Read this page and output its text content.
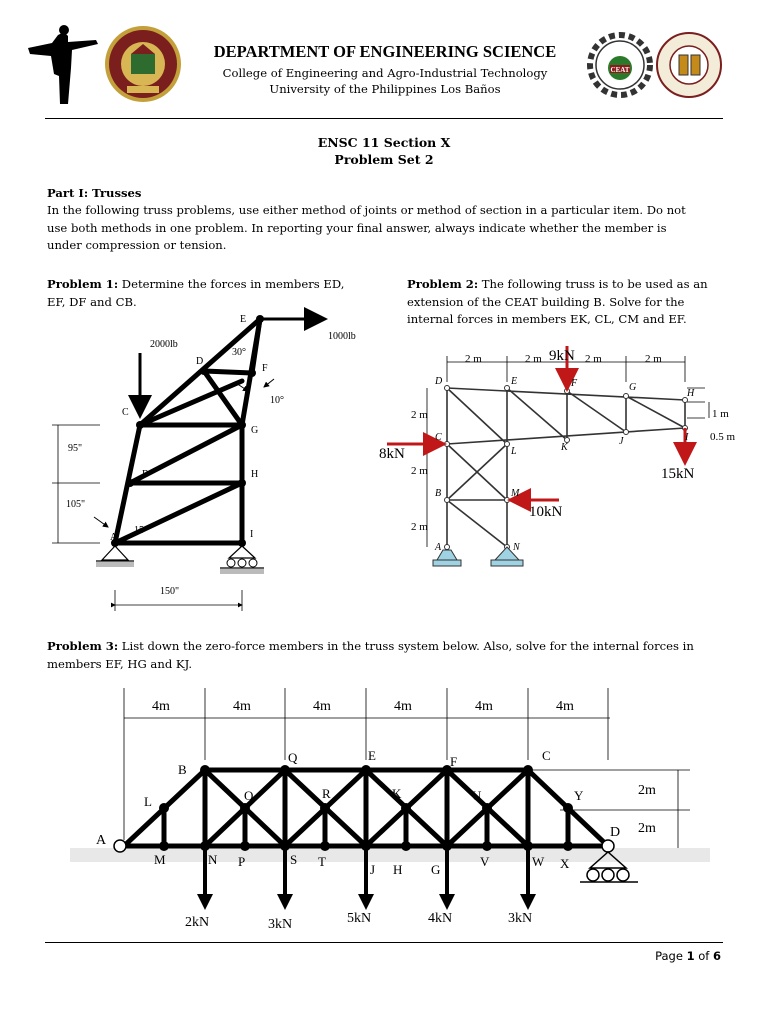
CEAT
DEPARTMENT OF ENGINEERING SCIENCE
College of Engineering and Agro-Industrial Technology
University of the Philippines Los Baños
ENSC 11 Section X
Problem Set 2
Part I: Trusses
In the following truss problems, use either method of joints or method of section in a particular item. Do not
use both methods in one problem. In reporting your final answer, always indicate whether the member is
under compression or tension.
Problem 1: Determine the forces in members ED,
EF, DF and CB.
Problem 2: The following truss is to be used as an
extension of the CEAT building B. Solve for the
internal forces in members EK, CL, CM and EF.
A
B
C
D
E
F
G
H
I
2000lb
1000lb
30°
10°
15°
95"
105"
150"
2 m	2 m	2 m	2 m
2 m
2 m
2 m
1 m
0.5 m
D	E	F	G
H
C
L	K
J	I
B	M
A	N
9kN
8kN
15kN
10kN
Problem 3: List down the zero-force members in the truss system below. Also, solve for the internal forces in
members EF, HG and KJ.
4m	4m	4m	4m	4m	4m
2m
2m
2kN	3kN	5kN	4kN	3kN
A
D
B
Q	E	F	C
L	O	R	K	U	Y
M	N P	S T
J H G
V	W X
Page 1 of 6
